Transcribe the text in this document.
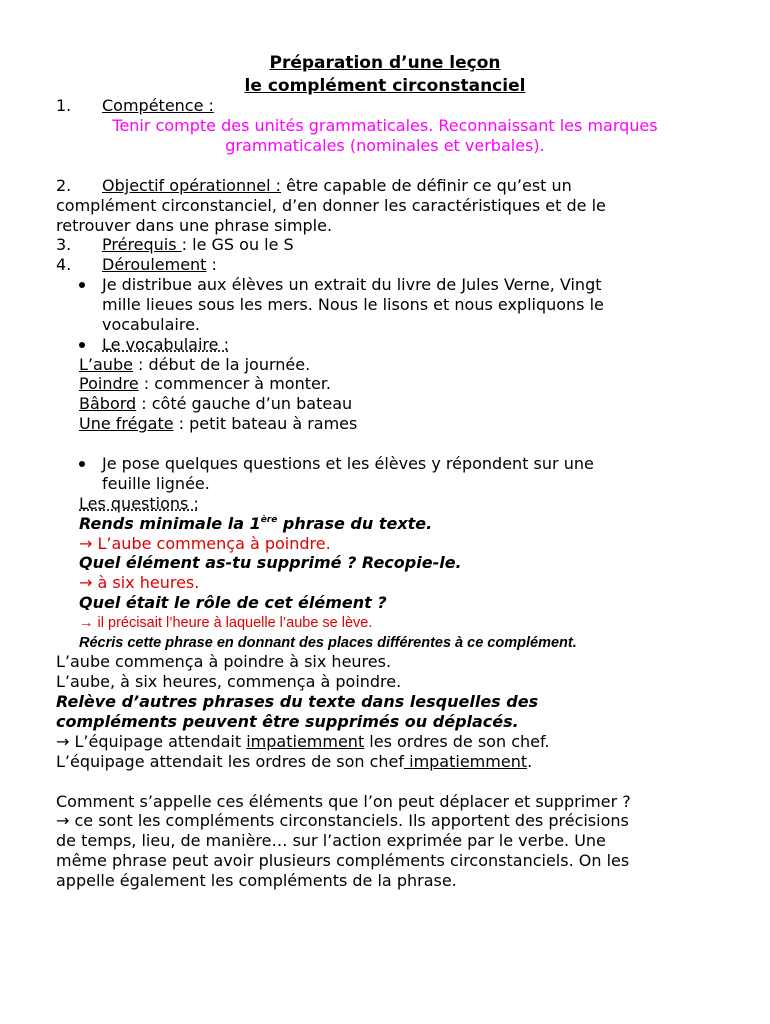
Préparation d’une leçon
le complément circonstanciel
1. Compétence :
Tenir compte des unités grammaticales. Reconnaissant les marques
grammaticales (nominales et verbales).
2. Objectif opérationnel : être capable de définir ce qu’est un
complément circonstanciel, d’en donner les caractéristiques et de le
retrouver dans une phrase simple.
3. Prérequis : le GS ou le S
4. Déroulement :
Je distribue aux élèves un extrait du livre de Jules Verne, Vingt
mille lieues sous les mers. Nous le lisons et nous expliquons le
vocabulaire.
Le vocabulaire :
L’aube : début de la journée.
Poindre : commencer à monter.
Bâbord : côté gauche d’un bateau
Une frégate : petit bateau à rames
Je pose quelques questions et les élèves y répondent sur une
feuille lignée.
Les questions :
Rends minimale la 1ère phrase du texte.
→ L’aube commença à poindre.
Quel élément as-tu supprimé ? Recopie-le.
→ à six heures.
Quel était le rôle de cet élément ?
→ il précisait l’heure à laquelle l’aube se lève.
Récris cette phrase en donnant des places différentes à ce complément.
L’aube commença à poindre à six heures.
L’aube, à six heures, commença à poindre.
Relève d’autres phrases du texte dans lesquelles des
compléments peuvent être supprimés ou déplacés.
→ L’équipage attendait impatiemment les ordres de son chef.
L’équipage attendait les ordres de son chef impatiemment.
Comment s’appelle ces éléments que l’on peut déplacer et supprimer ?
→ ce sont les compléments circonstanciels. Ils apportent des précisions
de temps, lieu, de manière… sur l’action exprimée par le verbe. Une
même phrase peut avoir plusieurs compléments circonstanciels. On les
appelle également les compléments de la phrase.
